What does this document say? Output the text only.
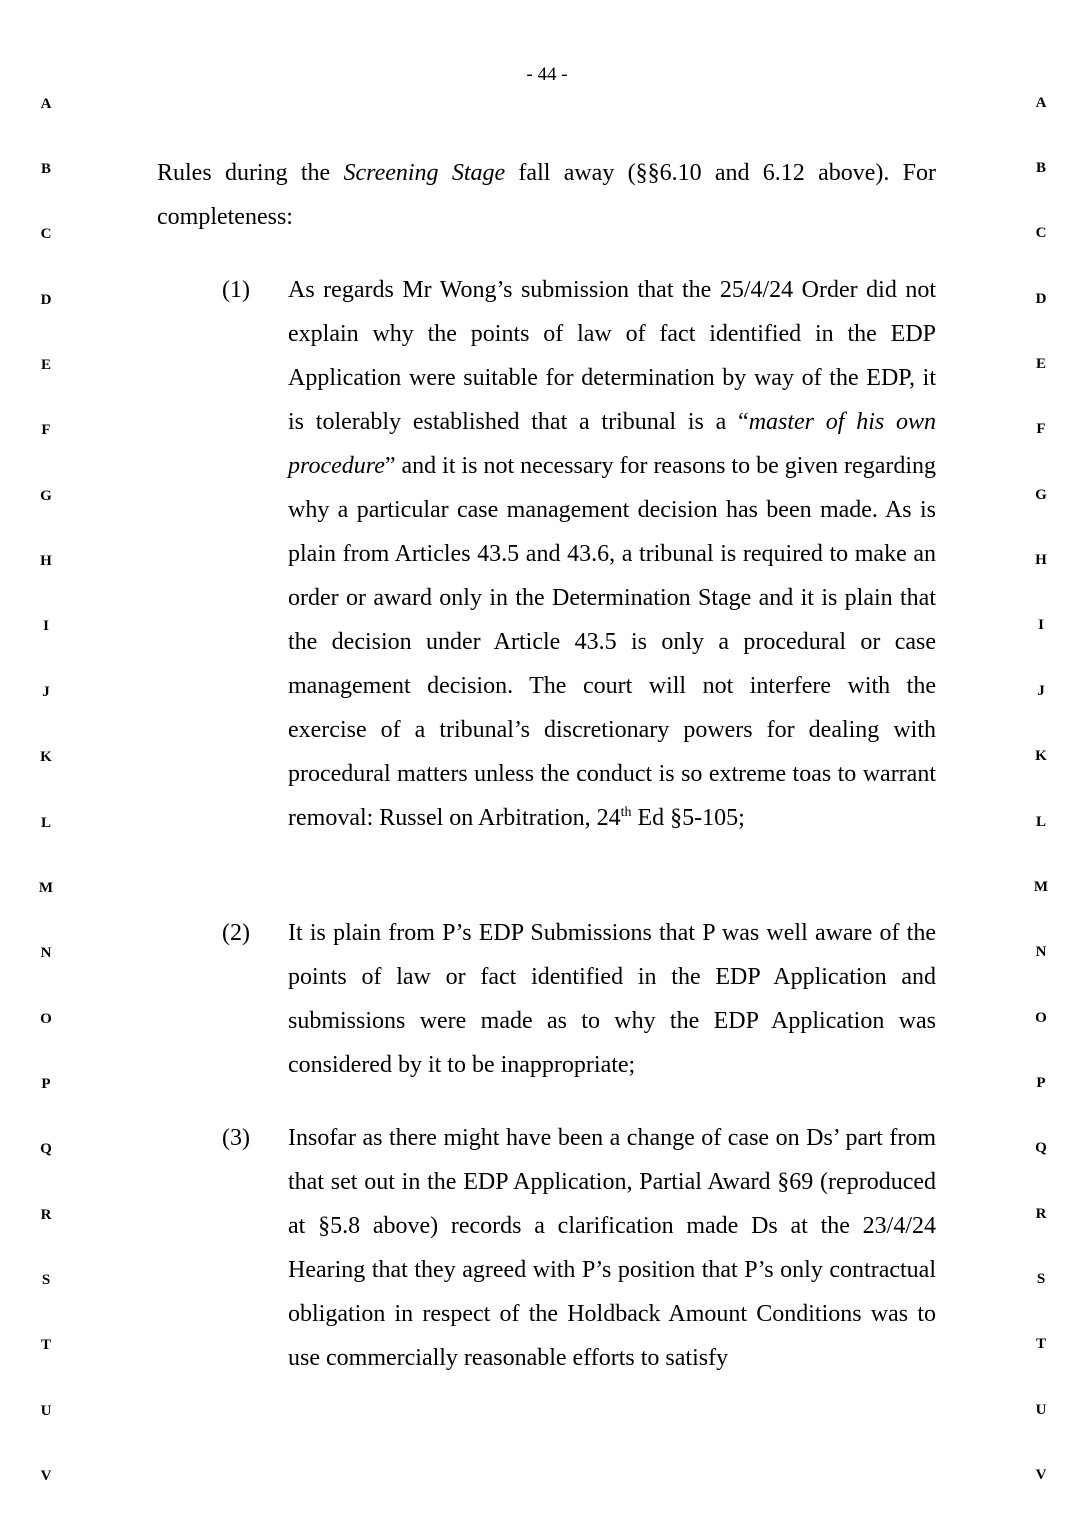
- 44 -
A
B
C
D
E
F
G
H
I
J
K
L
M
N
O
P
Q
R
S
T
U
V
A
B
C
D
E
F
G
H
I
J
K
L
M
N
O
P
Q
R
S
T
U
V
Rules during the Screening Stage fall away (§§6.10 and 6.12 above). For completeness:
(1) As regards Mr Wong’s submission that the 25/4/24 Order did not explain why the points of law of fact identified in the EDP Application were suitable for determination by way of the EDP, it is tolerably established that a tribunal is a “master of his own procedure” and it is not necessary for reasons to be given regarding why a particular case management decision has been made. As is plain from Articles 43.5 and 43.6, a tribunal is required to make an order or award only in the Determination Stage and it is plain that the decision under Article 43.5 is only a procedural or case management decision. The court will not interfere with the exercise of a tribunal’s discretionary powers for dealing with procedural matters unless the conduct is so extreme toas to warrant removal: Russel on Arbitration, 24th Ed §5-105;
(2) It is plain from P’s EDP Submissions that P was well aware of the points of law or fact identified in the EDP Application and submissions were made as to why the EDP Application was considered by it to be inappropriate;
(3) Insofar as there might have been a change of case on Ds’ part from that set out in the EDP Application, Partial Award §69 (reproduced at §5.8 above) records a clarification made Ds at the 23/4/24 Hearing that they agreed with P’s position that P’s only contractual obligation in respect of the Holdback Amount Conditions was to use commercially reasonable efforts to satisfy
